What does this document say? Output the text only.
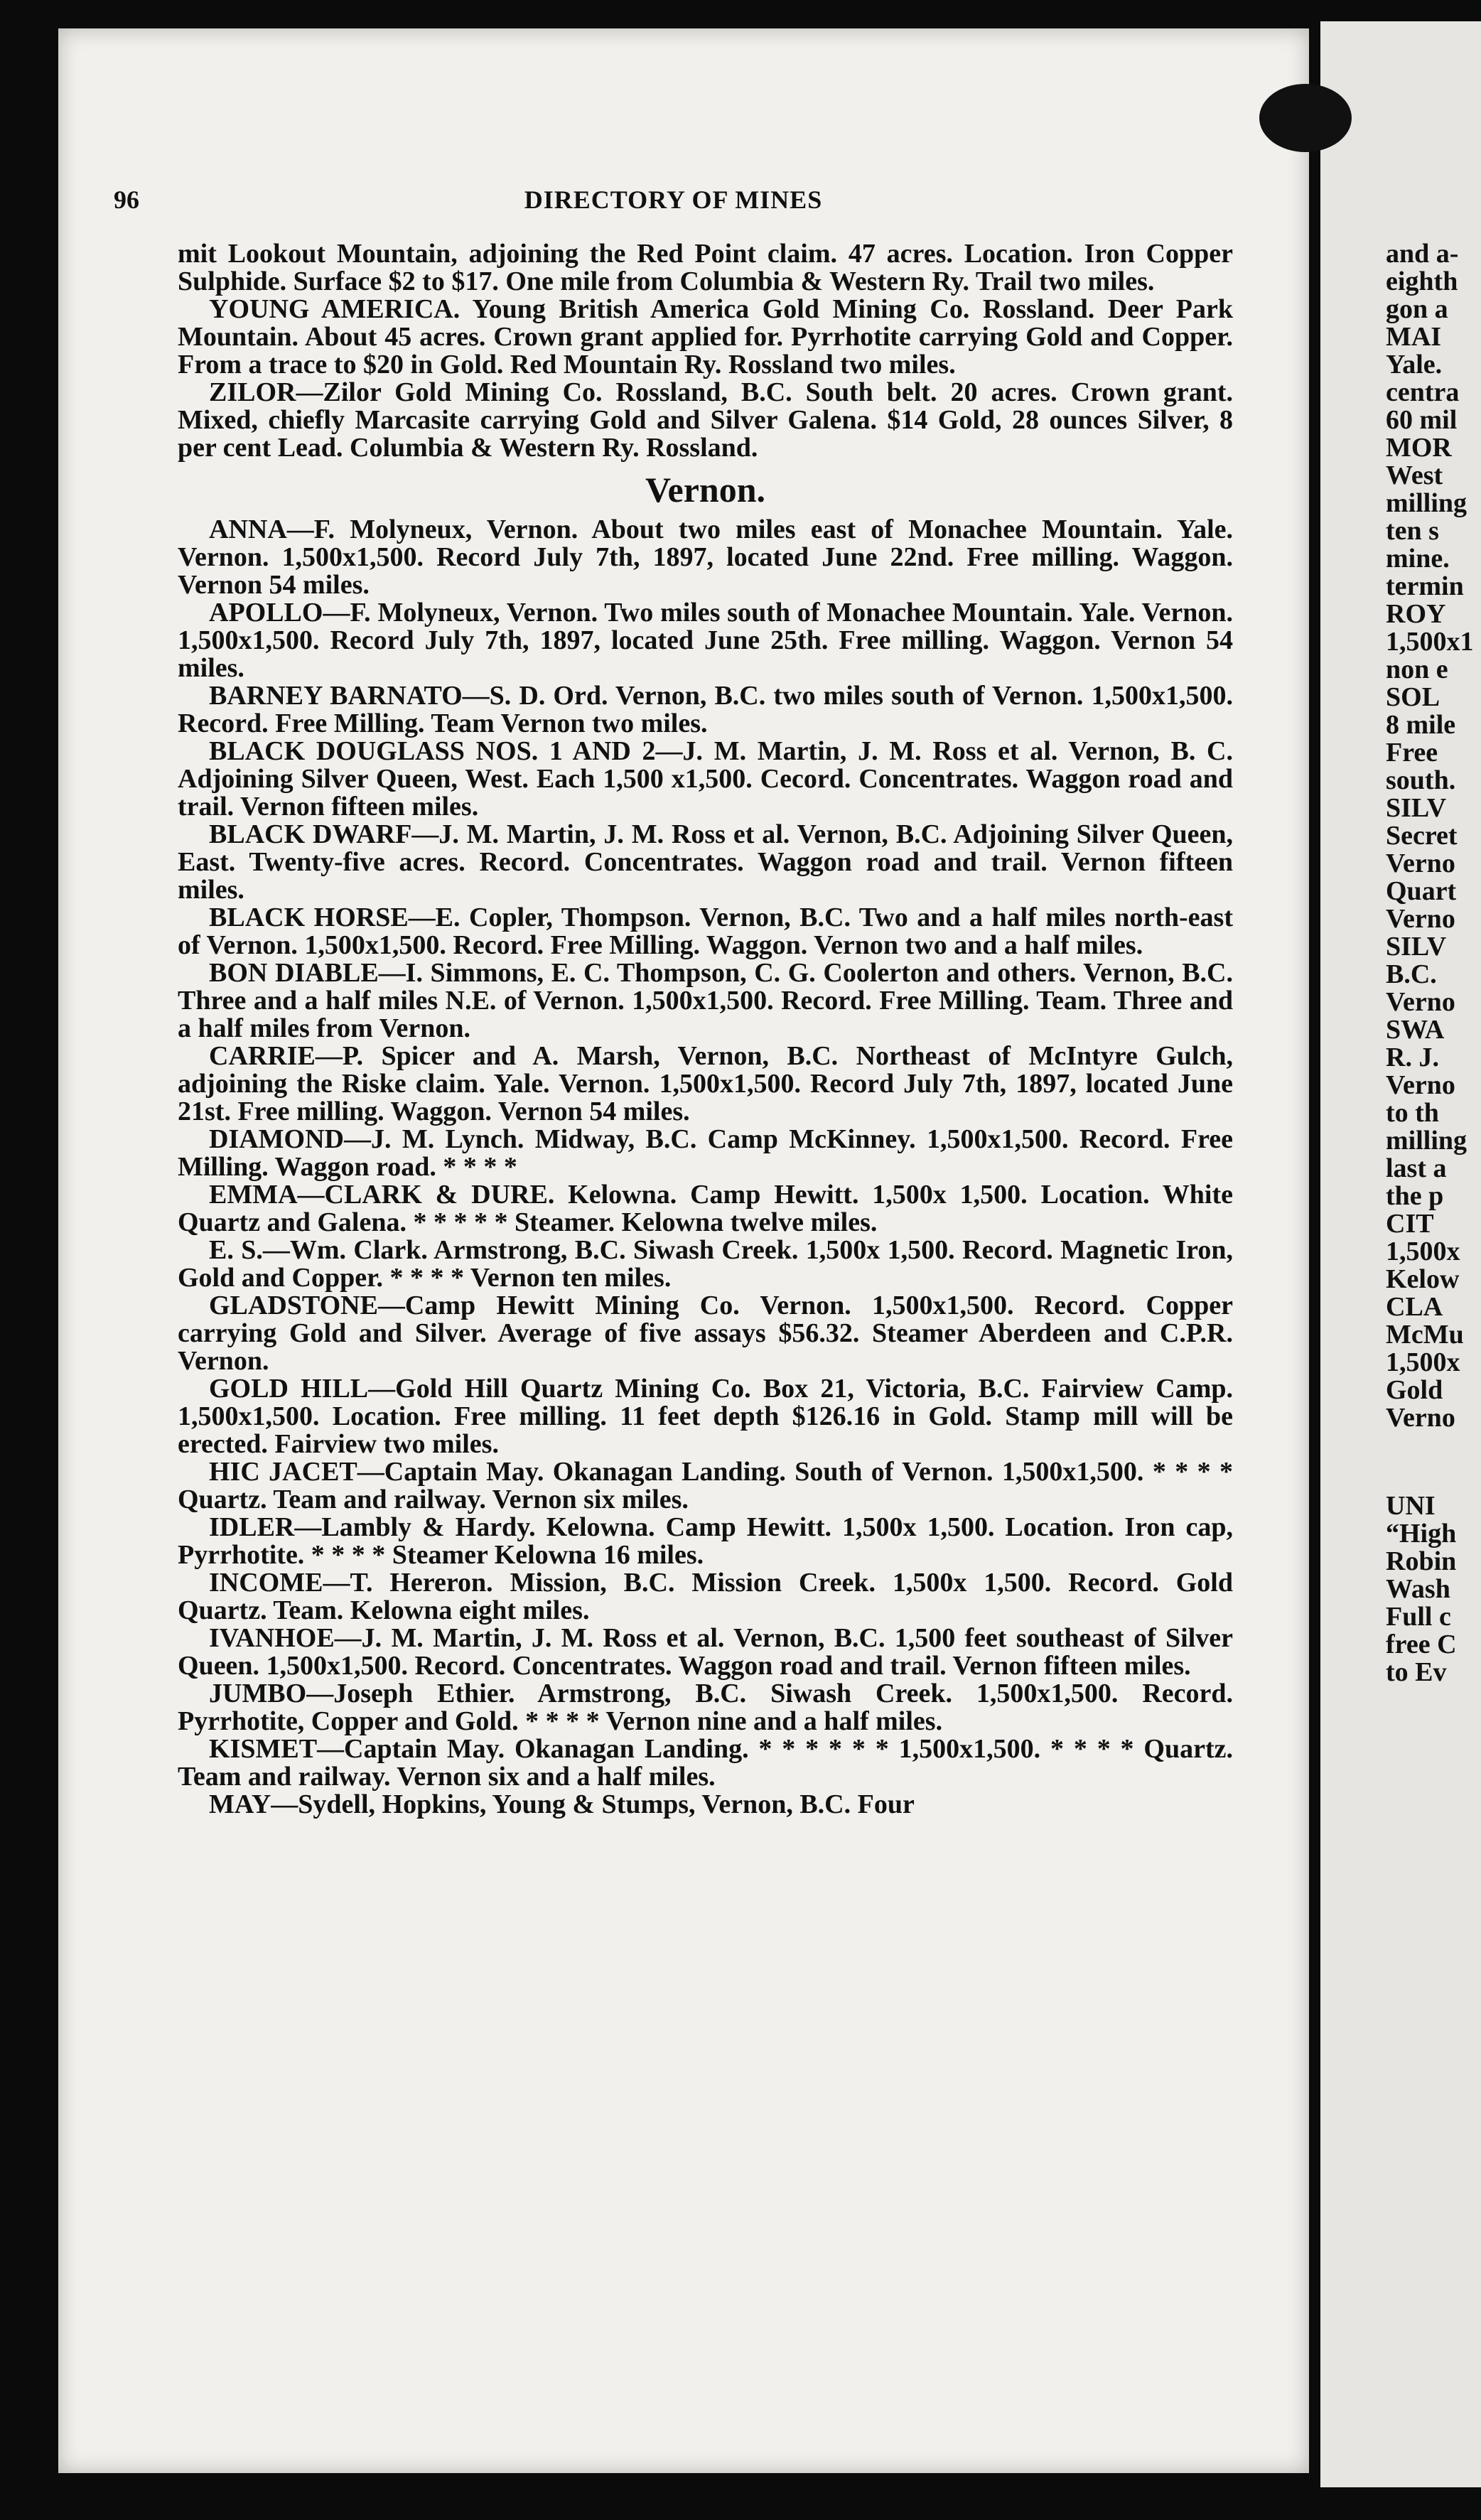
96	DIRECTORY OF MINES

mit Lookout Mountain, adjoining the Red Point claim. 47 acres. Location. Iron Copper Sulphide. Surface $2 to $17. One mile from Columbia & Western Ry. Trail two miles.

YOUNG AMERICA. Young British America Gold Mining Co. Rossland. Deer Park Mountain. About 45 acres. Crown grant applied for. Pyrrhotite carrying Gold and Copper. From a trace to $20 in Gold. Red Mountain Ry. Rossland two miles.

ZILOR—Zilor Gold Mining Co. Rossland, B.C. South belt. 20 acres. Crown grant. Mixed, chiefly Marcasite carrying Gold and Silver Galena. $14 Gold, 28 ounces Silver, 8 per cent Lead. Columbia & Western Ry. Rossland.

Vernon.

ANNA—F. Molyneux, Vernon. About two miles east of Monachee Mountain. Yale. Vernon. 1,500x1,500. Record July 7th, 1897, located June 22nd. Free milling. Waggon. Vernon 54 miles.

APOLLO—F. Molyneux, Vernon. Two miles south of Monachee Mountain. Yale. Vernon. 1,500x1,500. Record July 7th, 1897, located June 25th. Free milling. Waggon. Vernon 54 miles.

BARNEY BARNATO—S. D. Ord. Vernon, B.C. two miles south of Vernon. 1,500x1,500. Record. Free Milling. Team Vernon two miles.

BLACK DOUGLASS NOS. 1 AND 2—J. M. Martin, J. M. Ross et al. Vernon, B. C. Adjoining Silver Queen, West. Each 1,500 x1,500. Cecord. Concentrates. Waggon road and trail. Vernon fifteen miles.

BLACK DWARF—J. M. Martin, J. M. Ross et al. Vernon, B.C. Adjoining Silver Queen, East. Twenty-five acres. Record. Concentrates. Waggon road and trail. Vernon fifteen miles.

BLACK HORSE—E. Copler, Thompson. Vernon, B.C. Two and a half miles north-east of Vernon. 1,500x1,500. Record. Free Milling. Waggon. Vernon two and a half miles.

BON DIABLE—I. Simmons, E. C. Thompson, C. G. Coolerton and others. Vernon, B.C. Three and a half miles N.E. of Vernon. 1,500x1,500. Record. Free Milling. Team. Three and a half miles from Vernon.

CARRIE—P. Spicer and A. Marsh, Vernon, B.C. Northeast of McIntyre Gulch, adjoining the Riske claim. Yale. Vernon. 1,500x1,500. Record July 7th, 1897, located June 21st. Free milling. Waggon. Vernon 54 miles.

DIAMOND—J. M. Lynch. Midway, B.C. Camp McKinney. 1,500x1,500. Record. Free Milling. Waggon road. * * * *

EMMA—CLARK & DURE. Kelowna. Camp Hewitt. 1,500x 1,500. Location. White Quartz and Galena. * * * * * Steamer. Kelowna twelve miles.

E. S.—Wm. Clark. Armstrong, B.C. Siwash Creek. 1,500x 1,500. Record. Magnetic Iron, Gold and Copper. * * * * Vernon ten miles.

GLADSTONE—Camp Hewitt Mining Co. Vernon. 1,500x1,500. Record. Copper carrying Gold and Silver. Average of five assays $56.32. Steamer Aberdeen and C.P.R. Vernon.

GOLD HILL—Gold Hill Quartz Mining Co. Box 21, Victoria, B.C. Fairview Camp. 1,500x1,500. Location. Free milling. 11 feet depth $126.16 in Gold. Stamp mill will be erected. Fairview two miles.

HIC JACET—Captain May. Okanagan Landing. South of Vernon. 1,500x1,500. * * * * Quartz. Team and railway. Vernon six miles.

IDLER—Lambly & Hardy. Kelowna. Camp Hewitt. 1,500x 1,500. Location. Iron cap, Pyrrhotite. * * * * Steamer Kelowna 16 miles.

INCOME—T. Hereron. Mission, B.C. Mission Creek. 1,500x 1,500. Record. Gold Quartz. Team. Kelowna eight miles.

IVANHOE—J. M. Martin, J. M. Ross et al. Vernon, B.C. 1,500 feet southeast of Silver Queen. 1,500x1,500. Record. Concentrates. Waggon road and trail. Vernon fifteen miles.

JUMBO—Joseph Ethier. Armstrong, B.C. Siwash Creek. 1,500x1,500. Record. Pyrrhotite, Copper and Gold. * * * * Vernon nine and a half miles.

KISMET—Captain May. Okanagan Landing. * * * * * * 1,500x1,500. * * * * Quartz. Team and railway. Vernon six and a half miles.

MAY—Sydell, Hopkins, Young & Stumps, Vernon, B.C. Four

and a-
eighth
gon a
MAI
Yale.
centra
60 mil
MOR
West
milling
ten s
mine.
termin
ROY
1,500x1
non e
SOL
8 mile
Free
south.
SILV
Secret
Verno
Quart
Verno
SILV
B.C.
Verno
SWA
R. J.
Verno
to th
milling
last a
the p
CIT
1,500x
Kelow
CLA
McMu
1,500x
Gold
Verno
UNI
“High
Robin
Wash
Full c
free C
to Ev
